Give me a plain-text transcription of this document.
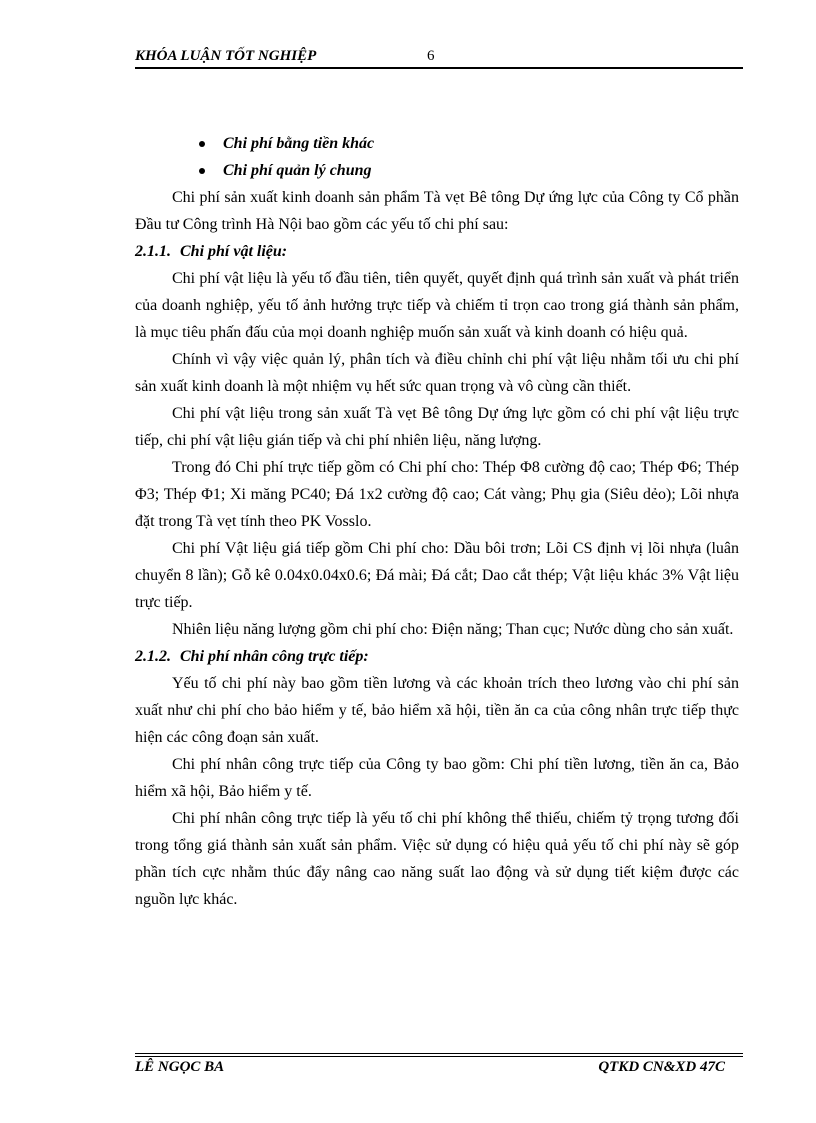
KHÓA LUẬN TỐT NGHIỆP	6
Chi phí bằng tiền khác
Chi phí quản lý chung

Chi phí sản xuất kinh doanh sản phẩm Tà vẹt Bê tông Dự ứng lực của Công ty Cổ phần Đầu tư Công trình Hà Nội bao gồm các yếu tố chi phí sau:

2.1.1. Chi phí vật liệu:

Chi phí vật liệu là yếu tố đầu tiên, tiên quyết, quyết định quá trình sản xuất và phát triển của doanh nghiệp, yếu tố ảnh hưởng trực tiếp và chiếm tỉ trọn cao trong giá thành sản phẩm, là mục tiêu phấn đấu của mọi doanh nghiệp muốn sản xuất và kinh doanh có hiệu quả.

Chính vì vậy việc quản lý, phân tích và điều chỉnh chi phí vật liệu nhằm tối ưu chi phí sản xuất kinh doanh là một nhiệm vụ hết sức quan trọng và vô cùng cần thiết.

Chi phí vật liệu trong sản xuất Tà vẹt Bê tông Dự ứng lực gồm có chi phí vật liệu trực tiếp, chi phí vật liệu gián tiếp và chi phí nhiên liệu, năng lượng.

Trong đó Chi phí trực tiếp gồm có Chi phí cho: Thép Φ8 cường độ cao; Thép Φ6; Thép Φ3; Thép Φ1; Xi măng PC40; Đá 1x2 cường độ cao; Cát vàng; Phụ gia (Siêu dẻo); Lõi nhựa đặt trong Tà vẹt tính theo PK Vosslo.

Chi phí Vật liệu giá tiếp gồm Chi phí cho: Dầu bôi trơn; Lõi CS định vị lõi nhựa (luân chuyển 8 lần); Gỗ kê 0.04x0.04x0.6; Đá mài; Đá cắt; Dao cắt thép; Vật liệu khác 3% Vật liệu trực tiếp.

Nhiên liệu năng lượng gồm chi phí cho: Điện năng; Than cục; Nước dùng cho sản xuất.

2.1.2. Chi phí nhân công trực tiếp:

Yếu tố chi phí này bao gồm tiền lương và các khoản trích theo lương vào chi phí sản xuất như chi phí cho bảo hiểm y tế, bảo hiểm xã hội, tiền ăn ca của công nhân trực tiếp thực hiện các công đoạn sản xuất.

Chi phí nhân công trực tiếp của Công ty bao gồm: Chi phí tiền lương, tiền ăn ca, Bảo hiểm xã hội, Bảo hiểm y tế.

Chi phí nhân công trực tiếp là yếu tố chi phí không thể thiếu, chiếm tỷ trọng tương đối trong tổng giá thành sản xuất sản phẩm. Việc sử dụng có hiệu quả yếu tố chi phí này sẽ góp phần tích cực nhằm thúc đẩy nâng cao năng suất lao động và sử dụng tiết kiệm được các nguồn lực khác.

LÊ NGỌC BA	QTKD CN&XD 47C
